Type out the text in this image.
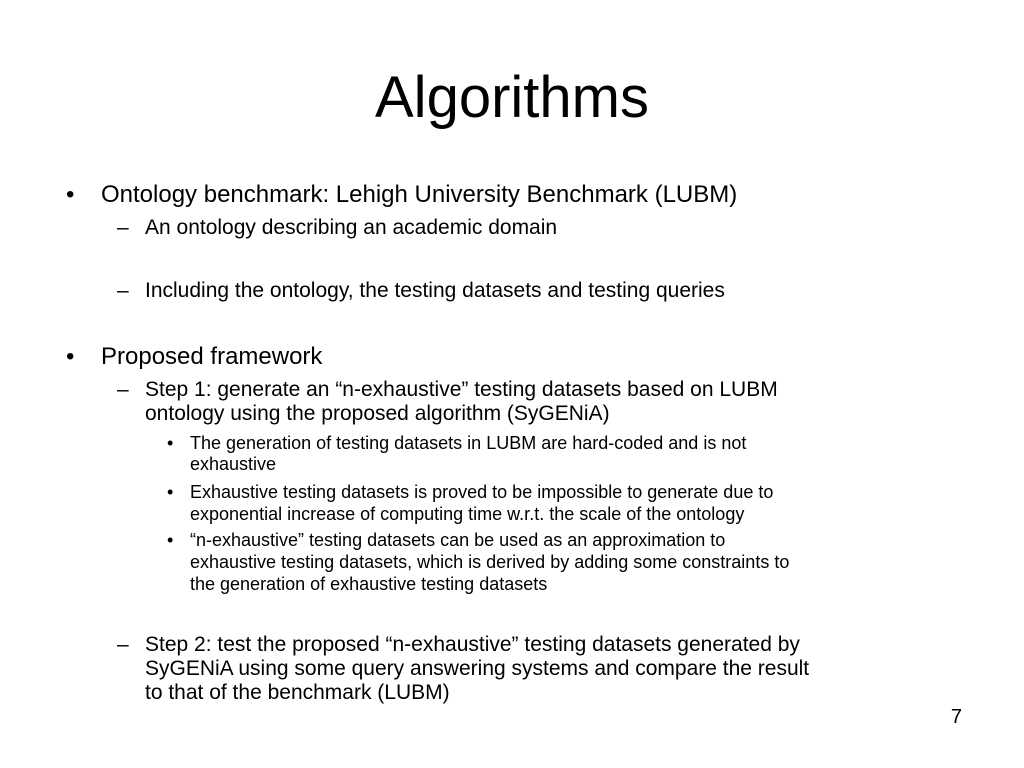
Algorithms
• Ontology benchmark: Lehigh University Benchmark (LUBM)
– An ontology describing an academic domain
– Including the ontology, the testing datasets and testing queries
• Proposed framework
– Step 1: generate an “n-exhaustive” testing datasets based on LUBM
ontology using the proposed algorithm (SyGENiA)
• The generation of testing datasets in LUBM are hard-coded and is not
exhaustive
• Exhaustive testing datasets is proved to be impossible to generate due to
exponential increase of computing time w.r.t. the scale of the ontology
• “n-exhaustive” testing datasets can be used as an approximation to
exhaustive testing datasets, which is derived by adding some constraints to
the generation of exhaustive testing datasets
– Step 2: test the proposed “n-exhaustive” testing datasets generated by
SyGENiA using some query answering systems and compare the result
to that of the benchmark (LUBM)
7
